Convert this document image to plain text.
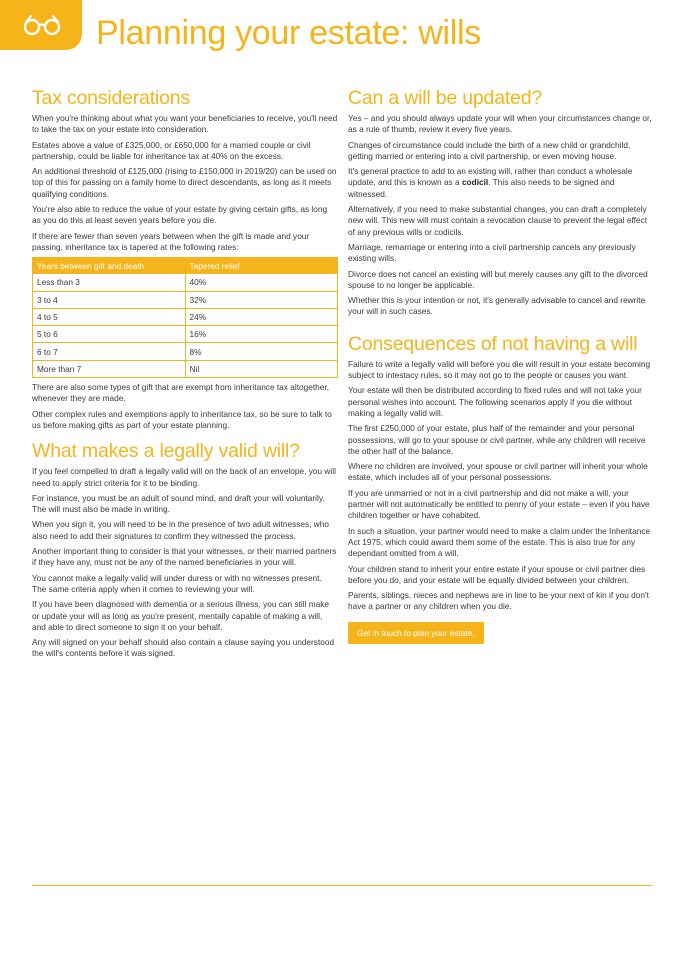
Planning your estate: wills
Tax considerations

When you're thinking about what you want your beneficiaries to receive, you'll need to take the tax on your estate into consideration.

Estates above a value of £325,000, or £650,000 for a married couple or civil partnership, could be liable for inheritance tax at 40% on the excess.

An additional threshold of £125,000 (rising to £150,000 in 2019/20) can be used on top of this for passing on a family home to direct descendants, as long as it meets qualifying conditions.

You're also able to reduce the value of your estate by giving certain gifts, as long as you do this at least seven years before you die.

If there are fewer than seven years between when the gift is made and your passing, inheritance tax is tapered at the following rates:

Years between gift and death	Tapered relief
Less than 3	40%
3 to 4	32%
4 to 5	24%
5 to 6	16%
6 to 7	8%
More than 7	Nil

There are also some types of gift that are exempt from inheritance tax altogether, whenever they are made.

Other complex rules and exemptions apply to inheritance tax, so be sure to talk to us before making gifts as part of your estate planning.

What makes a legally valid will?

If you feel compelled to draft a legally valid will on the back of an envelope, you will need to apply strict criteria for it to be binding.

For instance, you must be an adult of sound mind, and draft your will voluntarily. The will must also be made in writing.

When you sign it, you will need to be in the presence of two adult witnesses, who also need to add their signatures to confirm they witnessed the process.

Another important thing to consider is that your witnesses, or their married partners if they have any, must not be any of the named beneficiaries in your will.

You cannot make a legally valid will under duress or with no witnesses present. The same criteria apply when it comes to reviewing your will.

If you have been diagnosed with dementia or a serious illness, you can still make or update your will as long as you're present, mentally capable of making a will, and able to direct someone to sign it on your behalf.

Any will signed on your behalf should also contain a clause saying you understood the will's contents before it was signed.

Can a will be updated?

Yes – and you should always update your will when your circumstances change or, as a rule of thumb, review it every five years.

Changes of circumstance could include the birth of a new child or grandchild, getting married or entering into a civil partnership, or even moving house.

It's general practice to add to an existing will, rather than conduct a wholesale update, and this is known as a codicil. This also needs to be signed and witnessed.

Alternatively, if you need to make substantial changes, you can draft a completely new will. This new will must contain a revocation clause to prevent the legal effect of any previous wills or codicils.

Marriage, remarriage or entering into a civil partnership cancels any previously existing wills.

Divorce does not cancel an existing will but merely causes any gift to the divorced spouse to no longer be applicable.

Whether this is your intention or not, it's generally advisable to cancel and rewrite your will in such cases.

Consequences of not having a will

Failure to write a legally valid will before you die will result in your estate becoming subject to intestacy rules, so it may not go to the people or causes you want.

Your estate will then be distributed according to fixed rules and will not take your personal wishes into account. The following scenarios apply if you die without making a legally valid will.

The first £250,000 of your estate, plus half of the remainder and your personal possessions, will go to your spouse or civil partner, while any children will receive the other half of the balance.

Where no children are involved, your spouse or civil partner will inherit your whole estate, which includes all of your personal possessions.

If you are unmarried or not in a civil partnership and did not make a will, your partner will not automatically be entitled to penny of your estate – even if you have children together or have cohabited.

In such a situation, your partner would need to make a claim under the Inheritance Act 1975, which could award them some of the estate. This is also true for any dependant omitted from a will.

Your children stand to inherit your entire estate if your spouse or civil partner dies before you do, and your estate will be equally divided between your children.

Parents, siblings, nieces and nephews are in line to be your next of kin if you don't have a partner or any children when you die.

Get in touch to plan your estate.
